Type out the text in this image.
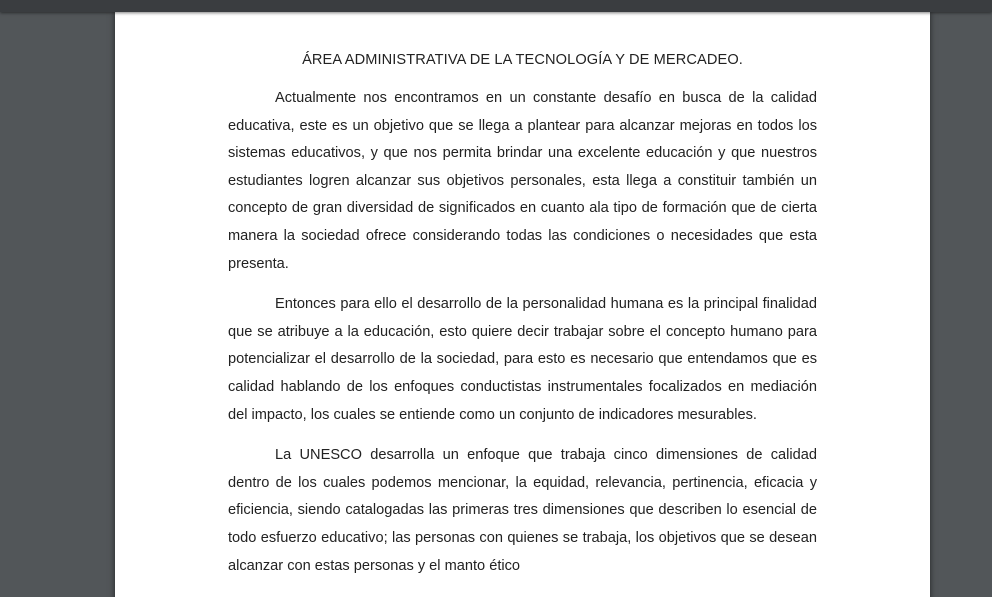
ÁREA ADMINISTRATIVA DE LA TECNOLOGÍA Y DE MERCADEO.

Actualmente nos encontramos en un constante desafío en busca de la calidad educativa, este es un objetivo que se llega a plantear para alcanzar mejoras en todos los sistemas educativos, y que nos permita brindar una excelente educación y que nuestros estudiantes logren alcanzar sus objetivos personales, esta llega a constituir también un concepto de gran diversidad de significados en cuanto ala tipo de formación que de cierta manera la sociedad ofrece considerando todas las condiciones o necesidades que esta presenta.

Entonces para ello el desarrollo de la personalidad humana es la principal finalidad que se atribuye a la educación, esto quiere decir trabajar sobre el concepto humano para potencializar el desarrollo de la sociedad, para esto es necesario que entendamos que es calidad hablando de los enfoques conductistas instrumentales focalizados en mediación del impacto, los cuales se entiende como un conjunto de indicadores mesurables.

La UNESCO desarrolla un enfoque que trabaja cinco dimensiones de calidad dentro de los cuales podemos mencionar, la equidad, relevancia, pertinencia, eficacia y eficiencia, siendo catalogadas las primeras tres dimensiones que describen lo esencial de todo esfuerzo educativo; las personas con quienes se trabaja, los objetivos que se desean alcanzar con estas personas y el manto ético
